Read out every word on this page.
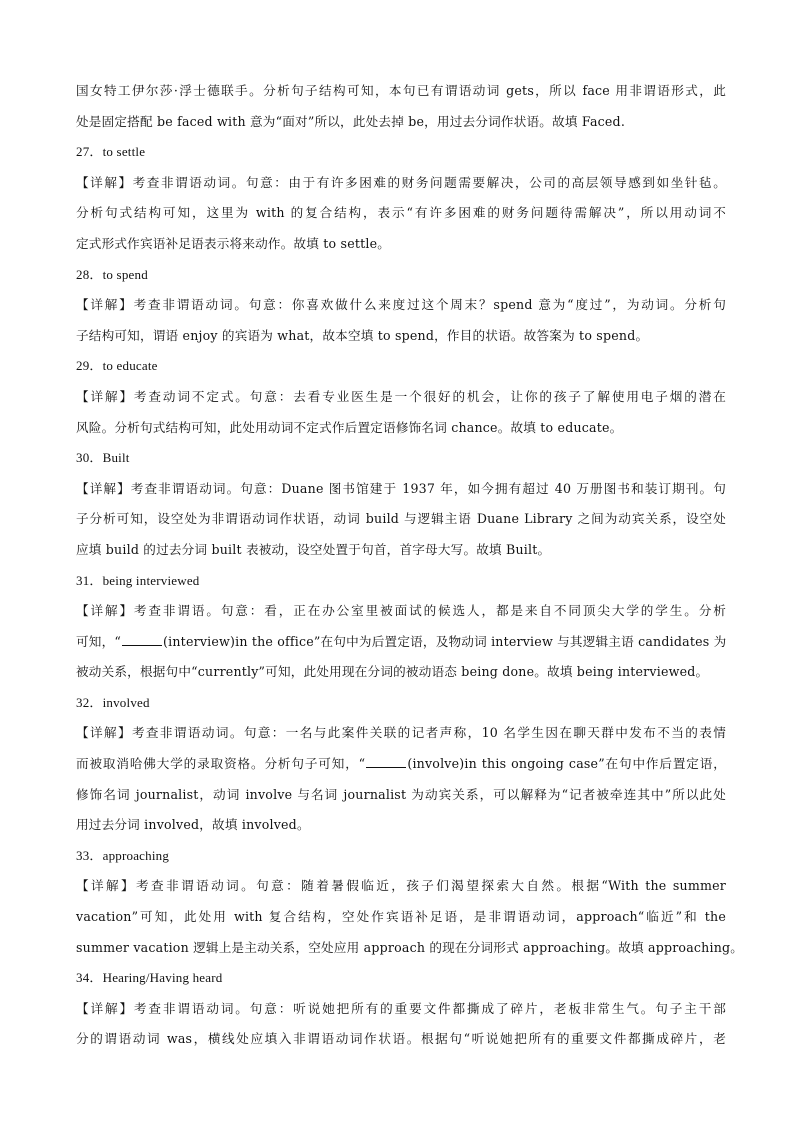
国女特工伊尔莎·浮士德联手。分析句子结构可知，本句已有谓语动词 gets，所以 face 用非谓语形式，此
处是固定搭配 be faced with 意为“面对”所以，此处去掉 be，用过去分词作状语。故填 Faced.
27．to settle
【详解】考查非谓语动词。句意：由于有许多困难的财务问题需要解决，公司的高层领导感到如坐针毡。
分析句式结构可知，这里为 with 的复合结构，表示“有许多困难的财务问题待需解决”，所以用动词不
定式形式作宾语补足语表示将来动作。故填 to settle。
28．to spend
【详解】考查非谓语动词。句意：你喜欢做什么来度过这个周末？spend 意为“度过”，为动词。分析句
子结构可知，谓语 enjoy 的宾语为 what，故本空填 to spend，作目的状语。故答案为 to spend。
29．to educate
【详解】考查动词不定式。句意：去看专业医生是一个很好的机会，让你的孩子了解使用电子烟的潜在
风险。分析句式结构可知，此处用动词不定式作后置定语修饰名词 chance。故填 to educate。
30．Built
【详解】考查非谓语动词。句意：Duane 图书馆建于 1937 年，如今拥有超过 40 万册图书和装订期刊。句
子分析可知，设空处为非谓语动词作状语，动词 build 与逻辑主语 Duane Library 之间为动宾关系，设空处
应填 build 的过去分词 built 表被动，设空处置于句首，首字母大写。故填 Built。
31．being interviewed
【详解】考查非谓语。句意：看，正在办公室里被面试的候选人，都是来自不同顶尖大学的学生。分析
可知，“	(interview)in the office”在句中为后置定语，及物动词 interview 与其逻辑主语 candidates 为
被动关系，根据句中“currently”可知，此处用现在分词的被动语态 being done。故填 being interviewed。
32．involved
【详解】考查非谓语动词。句意：一名与此案件关联的记者声称，10 名学生因在聊天群中发布不当的表情
而被取消哈佛大学的录取资格。分析句子可知，“	(involve)in this ongoing case”在句中作后置定语，
修饰名词 journalist，动词 involve 与名词 journalist 为动宾关系，可以解释为“记者被牵连其中”所以此处
用过去分词 involved，故填 involved。
33．approaching
【详解】考查非谓语动词。句意：随着暑假临近，孩子们渴望探索大自然。根据“With the summer
vacation”可知，此处用 with 复合结构，空处作宾语补足语，是非谓语动词，approach“临近”和 the
summer vacation 逻辑上是主动关系，空处应用 approach 的现在分词形式 approaching。故填 approaching。
34．Hearing/Having heard
【详解】考查非谓语动词。句意：听说她把所有的重要文件都撕成了碎片，老板非常生气。句子主干部
分的谓语动词 was，横线处应填入非谓语动词作状语。根据句“听说她把所有的重要文件都撕成碎片，老
